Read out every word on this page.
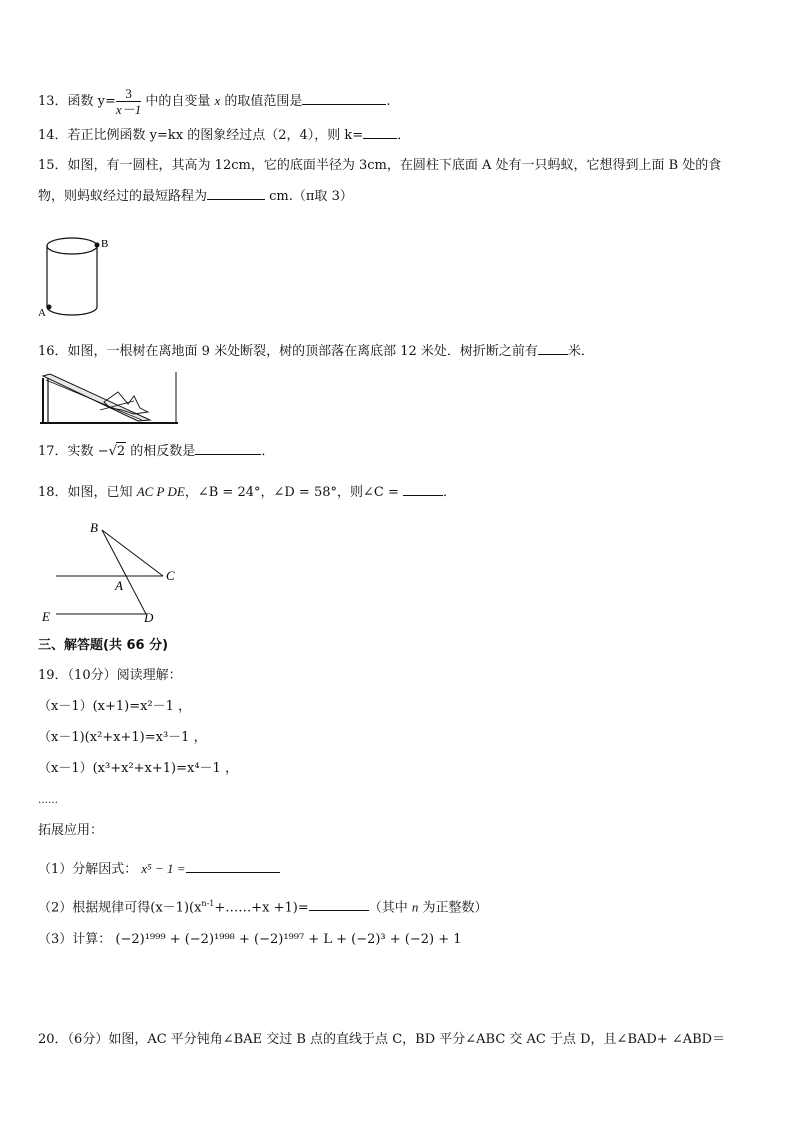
13．函数 $y= \frac{3}{x-1}$ 中的自变量 x 的取值范围是	.
14．若正比例函数 y=kx 的图象经过点（2，4），则 k=	．
15．如图，有一圆柱，其高为 12cm，它的底面半径为 3cm，在圆柱下底面 A 处有一只蚂蚁，它想得到上面 B 处的食
物，则蚂蚁经过的最短路程为	cm.（π取 3）
B
A
16．如图，一根树在离地面 9 米处断裂，树的顶部落在离底部 12 米处．树折断之前有 米．
17．实数 −√2 的相反数是	．
18．如图，已知 AC P DE，∠B = 24°，∠D = 58°，则∠C =	．
B
C
A
E	D
三、解答题(共 66 分)
19．（10分）阅读理解：
（x－1）(x+1)=x²－1 ，
（x－1)(x²+x+1)=x³－1 ，
（x－1）(x³+x²+x+1)=x⁴－1 ，
……
拓展应用：
（1）分解因式： x⁵ − 1 =
（2）根据规律可得$(x-1)(x^{n-1}+\dots\dots+x +1)=$	（其中 n 为正整数）
（3）计算： (−2)¹⁹⁹⁹ + (−2)¹⁹⁹⁸ + (−2)¹⁹⁹⁷ + L + (−2)³ + (−2) + 1
20．（6分）如图，AC 平分钝角∠BAE 交过 B 点的直线于点 C，BD 平分∠ABC 交 AC 于点 D，且∠BAD+ ∠ABD＝
